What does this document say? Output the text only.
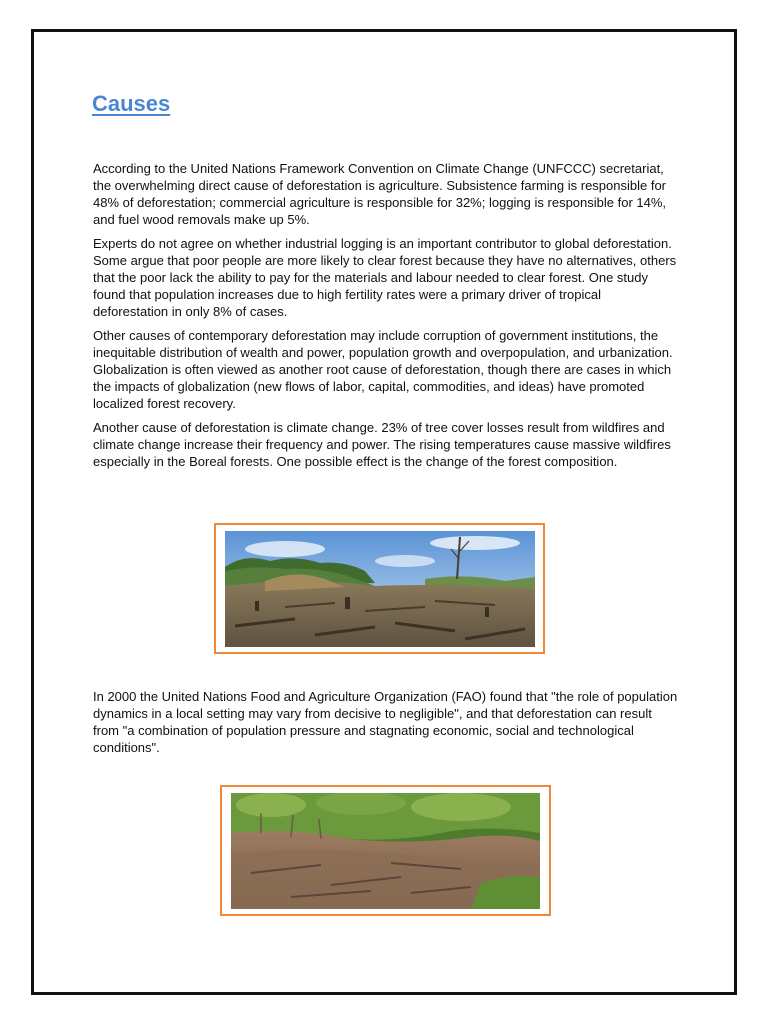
Causes

According to the United Nations Framework Convention on Climate Change (UNFCCC) secretariat, the overwhelming direct cause of deforestation is agriculture. Subsistence farming is responsible for 48% of deforestation; commercial agriculture is responsible for 32%; logging is responsible for 14%, and fuel wood removals make up 5%.

Experts do not agree on whether industrial logging is an important contributor to global deforestation. Some argue that poor people are more likely to clear forest because they have no alternatives, others that the poor lack the ability to pay for the materials and labour needed to clear forest. One study found that population increases due to high fertility rates were a primary driver of tropical deforestation in only 8% of cases.

Other causes of contemporary deforestation may include corruption of government institutions, the inequitable distribution of wealth and power, population growth and overpopulation, and urbanization. Globalization is often viewed as another root cause of deforestation, though there are cases in which the impacts of globalization (new flows of labor, capital, commodities, and ideas) have promoted localized forest recovery.

Another cause of deforestation is climate change. 23% of tree cover losses result from wildfires and climate change increase their frequency and power. The rising temperatures cause massive wildfires especially in the Boreal forests. One possible effect is the change of the forest composition.

In 2000 the United Nations Food and Agriculture Organization (FAO) found that "the role of population dynamics in a local setting may vary from decisive to negligible", and that deforestation can result from "a combination of population pressure and stagnating economic, social and technological conditions".
